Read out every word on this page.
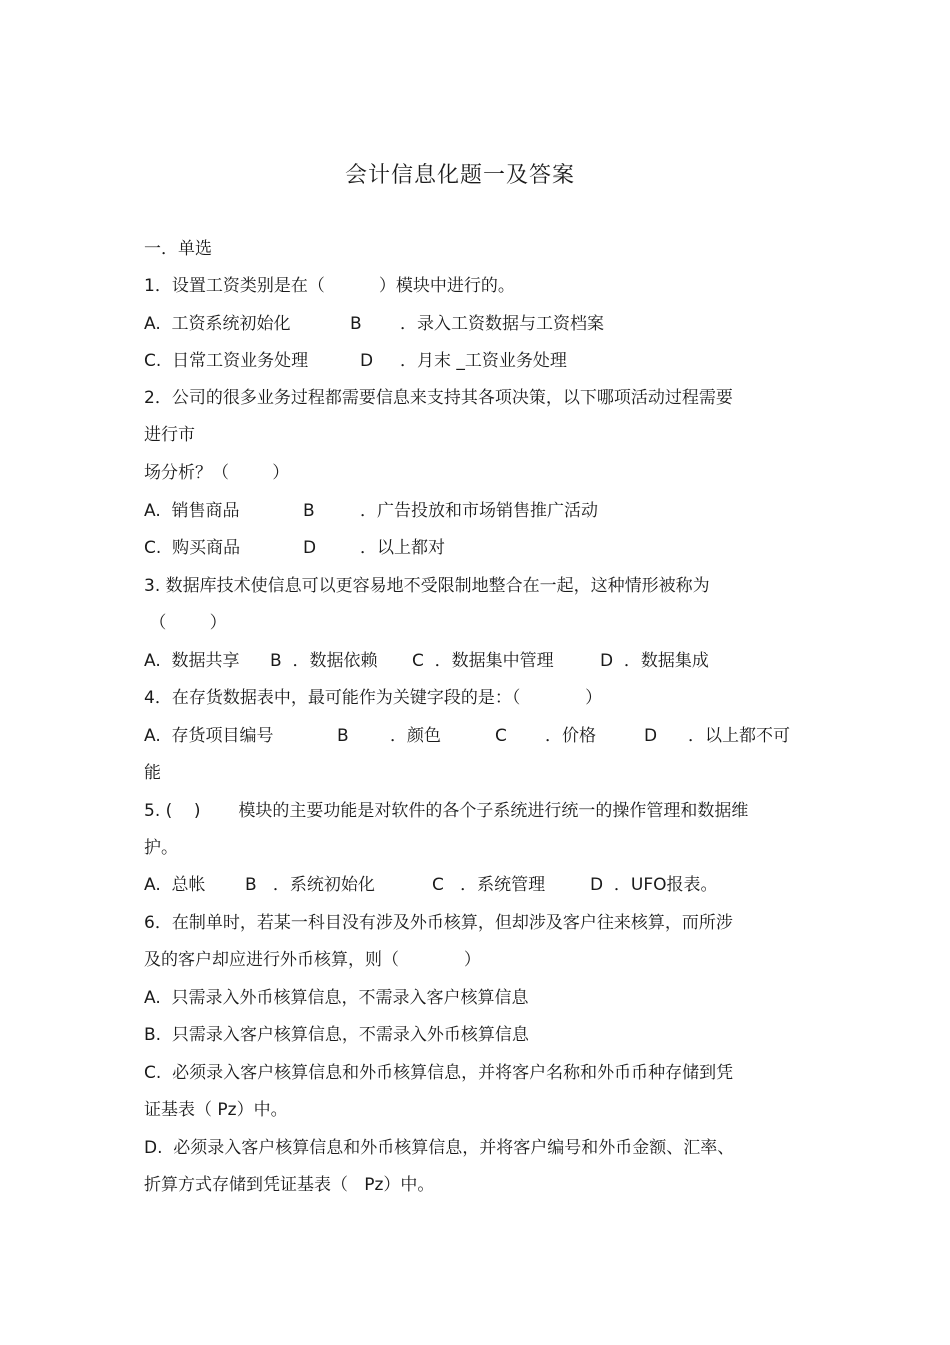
会计信息化题一及答案
一．单选
1．设置工资类别是在（          ）模块中进行的。
A.  工资系统初始化	B ．录入工资数据与工资档案
C.  日常工资业务处理	D ．月末 _工资业务处理
2．公司的很多业务过程都需要信息来支持其各项决策，以下哪项活动过程需要
进行市
场分析？（        ）
A.  销售商品	B	．广告投放和市场销售推广活动
C.  购买商品	D	．以上都对
3. 数据库技术使信息可以更容易地不受限制地整合在一起，这种情形被称为
（        ）
A.  数据共享 B  ．数据依赖 C  ．数据集中管理	D  ．数据集成
4．在存货数据表中，最可能作为关键字段的是：（            ）
A.  存货项目编号	B ．颜色	C ．价格	D ．以上都不可
能
5. (    )       模块的主要功能是对软件的各个子系统进行统一的操作管理和数据维
护。
A.  总帐 B   ．系统初始化	C   ．系统管理	D  ．UFO报表。
6．在制单时，若某一科目没有涉及外币核算，但却涉及客户往来核算，而所涉
及的客户却应进行外币核算，则（            ）
A.  只需录入外币核算信息，不需录入客户核算信息
B.  只需录入客户核算信息，不需录入外币核算信息
C.  必须录入客户核算信息和外币核算信息，并将客户名称和外币币种存储到凭
证基表（ Pz）中。
D.  必须录入客户核算信息和外币核算信息，并将客户编号和外币金额、汇率、
折算方式存储到凭证基表（   Pz）中。
